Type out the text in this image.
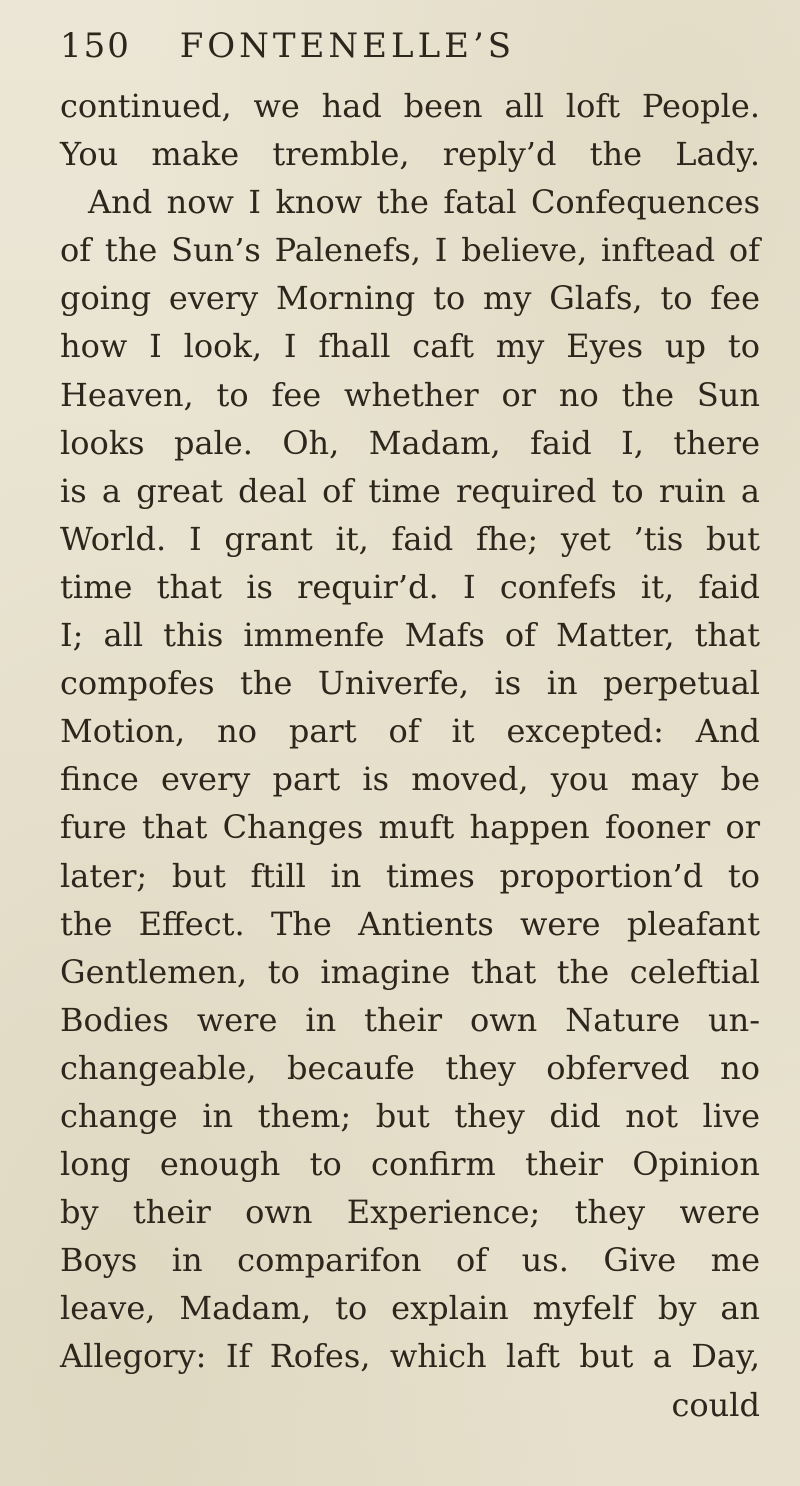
150 FONTENELLE’S
continued, we had been all loft People.
You make tremble, reply’d the Lady.
And now I know the fatal Confequences
of the Sun’s Palenefs, I believe, inftead of
going every Morning to my Glafs, to fee
how I look, I fhall caft my Eyes up to
Heaven, to fee whether or no the Sun
looks pale. Oh, Madam, faid I, there
is a great deal of time required to ruin a
World. I grant it, faid fhe; yet ’tis but
time that is requir’d. I confefs it, faid
I; all this immenfe Mafs of Matter, that
compofes the Univerfe, is in perpetual
Motion, no part of it excepted: And
fince every part is moved, you may be
fure that Changes muft happen fooner or
later; but ftill in times proportion’d to
the Effect. The Antients were pleafant
Gentlemen, to imagine that the celeftial
Bodies were in their own Nature un-
changeable, becaufe they obferved no
change in them; but they did not live
long enough to confirm their Opinion
by their own Experience; they were
Boys in comparifon of us. Give me
leave, Madam, to explain myfelf by an
Allegory: If Rofes, which laft but a Day,
could
